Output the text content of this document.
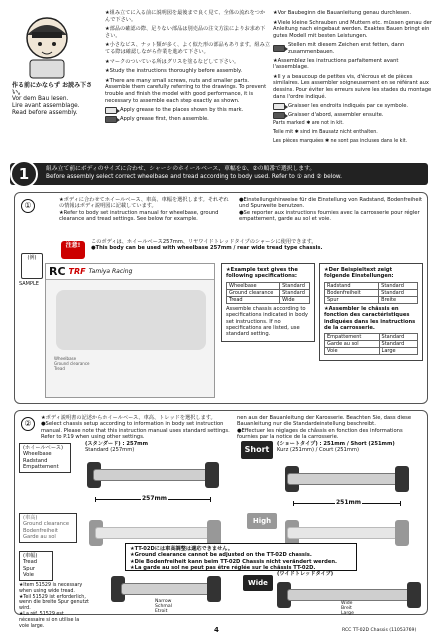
作る前にかならず お読み下さい。
Vor dem Bau lesen.
Lire avant assemblage.
Read before assembly.

★組み立てに入る前に説明図を最後まで良く見て、全体の流れをつかんで下さい。

★部品の確認の際、足りない部品は別売品の注文方法によりお求め下さい。

★小さなビス、ナット類が多く、よく似た形の部品もあります。組み立てる際は確認しながら作業を進めて下さい。

★マークのついている所はグリスを塗るなどして下さい。

★Study the instructions thoroughly before assembly.

★There are many small screws, nuts and smaller parts. Assemble them carefully referring to the drawings. To prevent trouble and finish the model with good performance, it is necessary to assemble each step exactly as shown.

Apply grease to the places shown by this mark.
Apply grease first, then assemble.

★Vor Baubeginn die Bauanleitung genau durchlesen.

★Viele kleine Schrauben und Muttern etc. müssen genau der Anleitung nach eingebaut werden. Exaktes Bauen bringt ein gutes Modell mit besten Leistungen.

Stellen mit diesem Zeichen erst fetten, dann zusammenbauen.

★Assemblez les instructions parfaitement avant l'assemblage.

★Il y a beaucoup de petites vis, d'écrous et de pièces similaires. Les assembler soigneusement en se référant aux dessins. Pour éviter les erreurs suivre les stades du montage dans l'ordre indiqué.

Graisser les endroits indiqués par ce symbole.
Graisser d'abord, assembler ensuite.

Parts marked ✱ are not in kit.

Teile mit ✱ sind im Bausatz nicht enthalten.

Les pièces marquées ✱ ne sont pas incluses dans le kit.

1	組み立て前にボディのサイズに合わせ、シャーシのホイールベース、車幅を①、②の順番で選択します。
Before assembly select correct wheelbase and tread according to body used. Refer to ① and ② below.
①
★ボディに合わせてホイールベース、車高、車幅を選択します。それぞれの情報はボディ説明図に記載しています。
★Refer to body set instruction manual for wheelbase, ground clearance and tread settings. See below for example.
●Einstellungshinweise für die Einstellung von Radstand, Bodenfreiheit und Spurweite benutzen.
●Se reporter aux instructions fournies avec la carrosserie pour régler empattement, garde au sol et voie.
注意!	このボディは、ホイールベース257mm、リヤワイドトレッドタイプのシャーシに使用できます。
●This body can be used with wheelbase 257mm / rear wide tread type chassis.
(例)
SAMPLE
RC TRF Tamiya Racing
Wheelbase
Ground clearance
Tread
★Example text gives the following specifications:
Wheelbase	Standard
Ground clearance	Standard
Tread	Wide
Assemble chassis according to specifications indicated in body set instructions. If no specifications are listed, use standard setting.
★Der Beispieltext zeigt folgende Einstellungen:
Radstand	Standard
Bodenfreiheit	Standard
Spur	Breite
★Assembler le châssis en fonction des caractéristiques indiquées dans les instructions de la carrosserie.
Empattement	Standard
Garde au sol	Standard
Voie	Large
②
★ボディ説明書の記述からホイールベース、車高、トレッドを選択します。
●Select chassis setup according to information in body set instruction manual. Please note that this instruction manual uses standard settings. Refer to P.19 when using other settings.
nen aus der Bauanleitung der Karosserie. Beachten Sie, dass diese Bauanleitung nur die Standardeinstellung beschreibt.
●Effectuer les réglages de châssis en fonction des informations fournies par la notice de la carrosserie.
(ホイールベース)
Wheelbase
Radstand
Empattement
(スタンダード) : 257mm
Standard (257mm)
257mm
Short
(ショートタイプ) : 251mm / Short (251mm)
Kurz (251mm) / Court (251mm)
251mm
(車高)
Ground clearance
Bodenfreiheit
Garde au sol
High
★TT-02Dには車高調整は適応できません。
★Ground clearance cannot be adjusted on the TT-02D chassis.
★Die Bodenfreiheit kann beim TT-02D Chassis nicht verändert werden.
★La garde au sol ne peut pas être réglée sur le châssis TT-02D.
(車幅)
Tread
Spur
Voie
Narrow
Schmal
Etroit
Wide
(ワイドトレッドタイプ)
Wide
Breit
Large
★Item 51529 is necessary when using wide tread.
★Teil 51529 ist erforderlich, wenn die breite Spur genutzt wird.
★La réf. 51529 est nécessaire si on utilise la voie large.	4	RCC TT-02D Chassis (11053769)
